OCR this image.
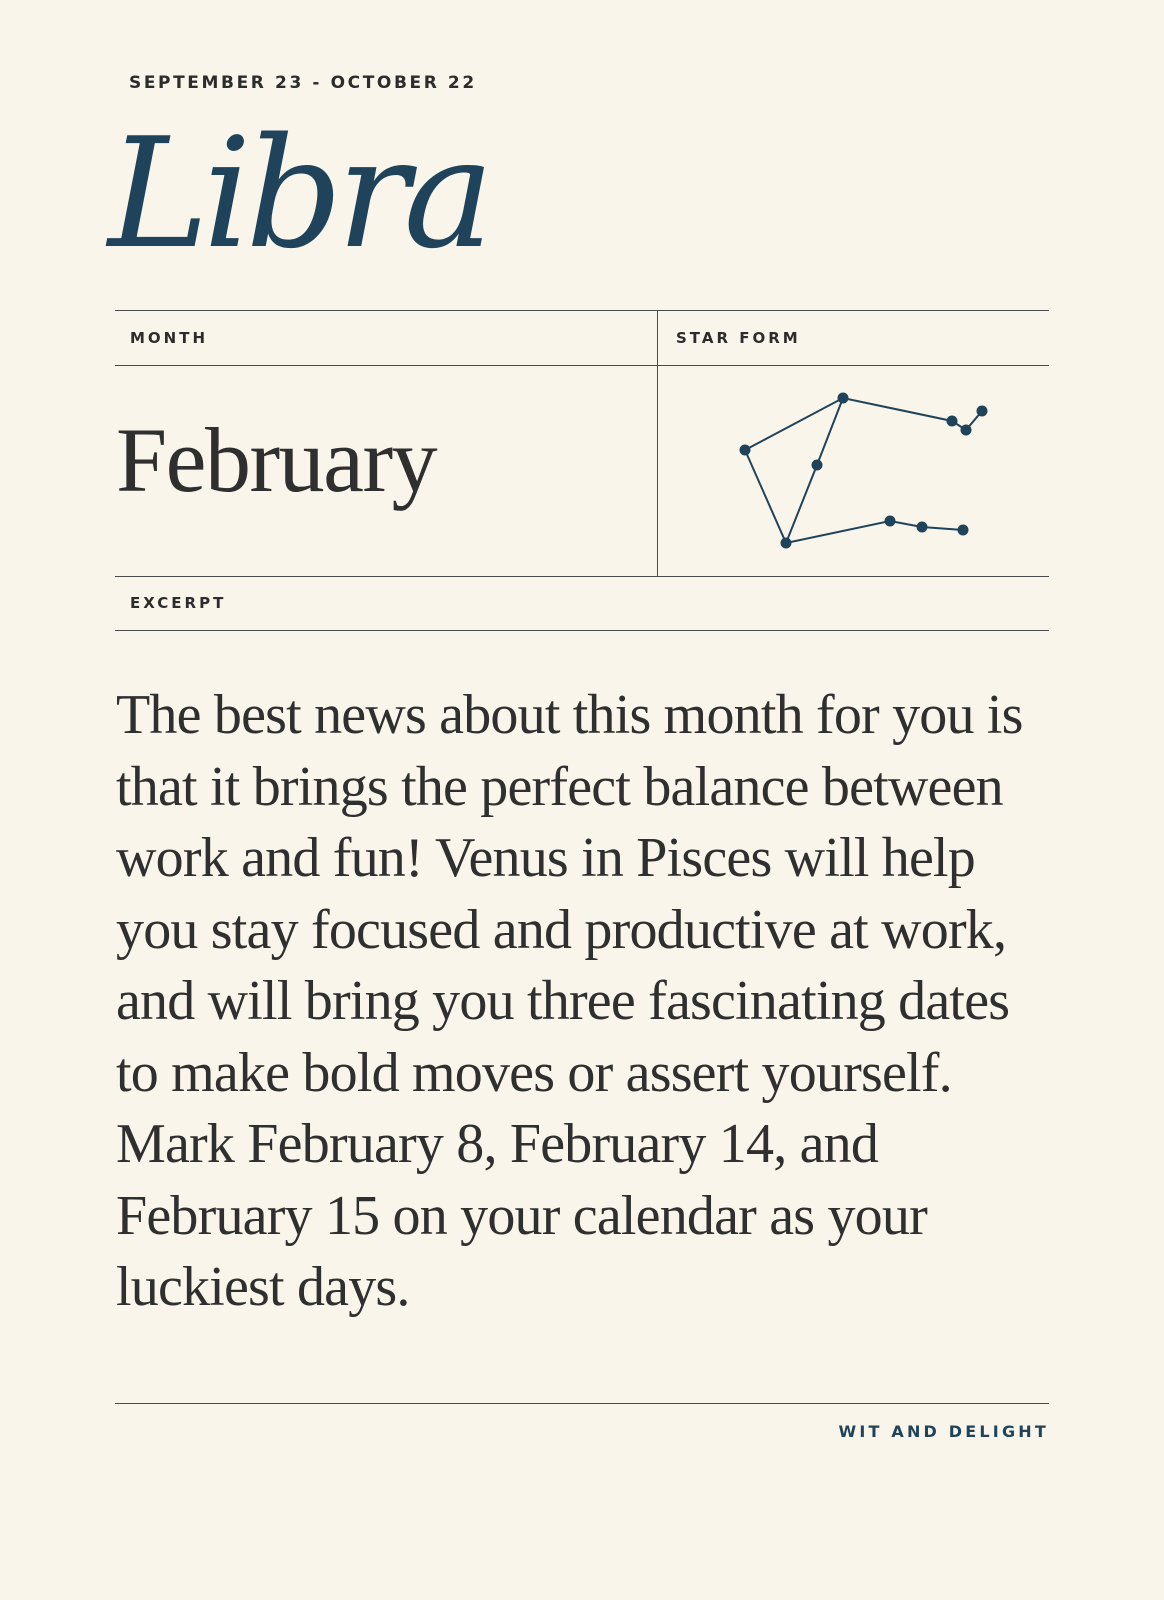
SEPTEMBER 23 - OCTOBER 22
Libra
MONTH	STAR FORM
February
EXCERPT

The best news about this month for you is that it brings the perfect balance between work and fun! Venus in Pisces will help you stay focused and productive at work, and will bring you three fascinating dates to make bold moves or assert yourself. Mark February 8, February 14, and February 15 on your calendar as your luckiest days.

WIT AND DELIGHT
